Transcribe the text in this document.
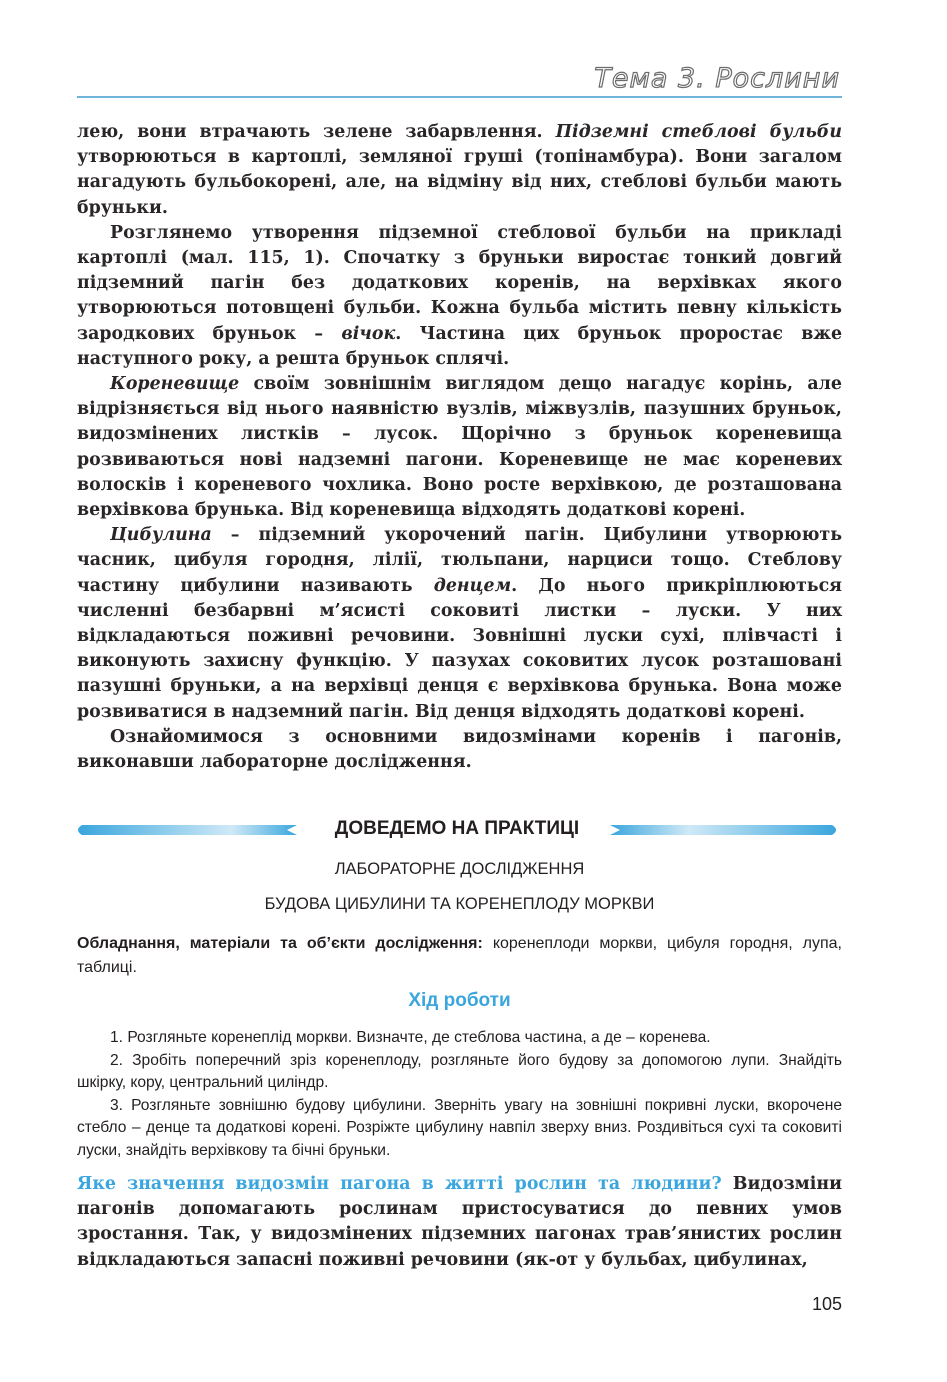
Тема 3. Рослини

лею, вони втрачають зелене забарвлення. Підземні стеблові бульби утворюються в картоплі, земляної груші (топінамбура). Вони загалом нагадують бульбокорені, але, на відміну від них, стеблові бульби мають бруньки.

Розглянемо утворення підземної стеблової бульби на прикладі картоплі (мал. 115, 1). Спочатку з бруньки виростає тонкий довгий підземний пагін без додаткових коренів, на верхівках якого утворюються потовщені бульби. Кожна бульба містить певну кількість зародкових бруньок – вічок. Частина цих бруньок проростає вже наступного року, а решта бруньок сплячі.

Кореневище своїм зовнішнім виглядом дещо нагадує корінь, але відрізняється від нього наявністю вузлів, міжвузлів, пазушних бруньок, видозмінених листків – лусок. Щорічно з бруньок кореневища розвиваються нові надземні пагони. Кореневище не має кореневих волосків і кореневого чохлика. Воно росте верхівкою, де розташована верхівкова брунька. Від кореневища відходять додаткові корені.

Цибулина – підземний укорочений пагін. Цибулини утворюють часник, цибуля городня, лілії, тюльпани, нарциси тощо. Стеблову частину цибулини називають денцем. До нього прикріплюються численні безбарвні м’ясисті соковиті листки – луски. У них відкладаються поживні речовини. Зовнішні луски сухі, плівчасті і виконують захисну функцію. У пазухах соковитих лусок розташовані пазушні бруньки, а на верхівці денця є верхівкова брунька. Вона може розвиватися в надземний пагін. Від денця відходять додаткові корені.

Ознайомимося з основними видозмінами коренів і пагонів, виконавши лабораторне дослідження.

ДОВЕДЕМО НА ПРАКТИЦІ
ЛАБОРАТОРНЕ ДОСЛІДЖЕННЯ
БУДОВА ЦИБУЛИНИ ТА КОРЕНЕПЛОДУ МОРКВИ
Обладнання, матеріали та об’єкти дослідження: коренеплоди моркви, цибуля городня, лупа, таблиці.
Хід роботи

1. Розгляньте коренеплід моркви. Визначте, де стеблова частина, а де – коренева.

2. Зробіть поперечний зріз коренеплоду, розгляньте його будову за допомогою лупи. Знайдіть шкірку, кору, центральний циліндр.

3. Розгляньте зовнішню будову цибулини. Зверніть увагу на зовнішні покривні луски, вкорочене стебло – денце та додаткові корені. Розріжте цибулину навпіл зверху вниз. Роздивіться сухі та соковиті луски, знайдіть верхівкову та бічні бруньки.

Яке значення видозмін пагона в житті рослин та людини? Видозміни пагонів допомагають рослинам пристосуватися до певних умов зростання. Так, у видозмінених підземних пагонах трав’янистих рослин відкладаються запасні поживні речовини (як-от у бульбах, цибулинах,

105
